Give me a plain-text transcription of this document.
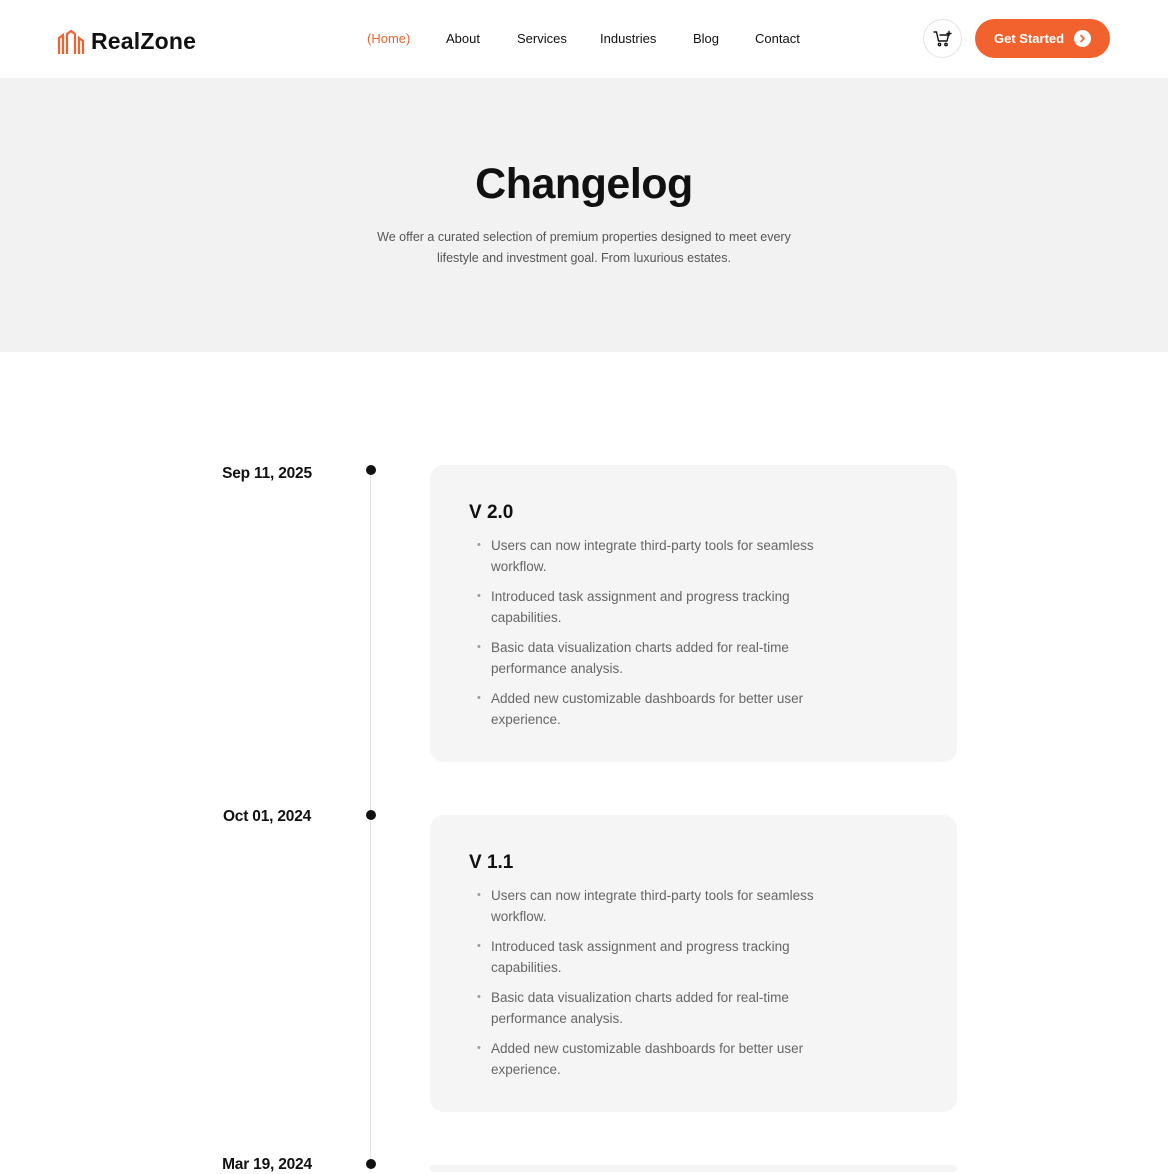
RealZone	(Home)	About	Services	Industries	Blog	Contact	Get Started
Changelog

We offer a curated selection of premium properties designed to meet every
lifestyle and investment goal. From luxurious estates.

Sep 11, 2025
V 2.0
• Users can now integrate third-party tools for seamless workflow.
• Introduced task assignment and progress tracking capabilities.
• Basic data visualization charts added for real-time performance analysis.
• Added new customizable dashboards for better user experience.
Oct 01, 2024
V 1.1
• Users can now integrate third-party tools for seamless workflow.
• Introduced task assignment and progress tracking capabilities.
• Basic data visualization charts added for real-time performance analysis.
• Added new customizable dashboards for better user experience.
Mar 19, 2024
